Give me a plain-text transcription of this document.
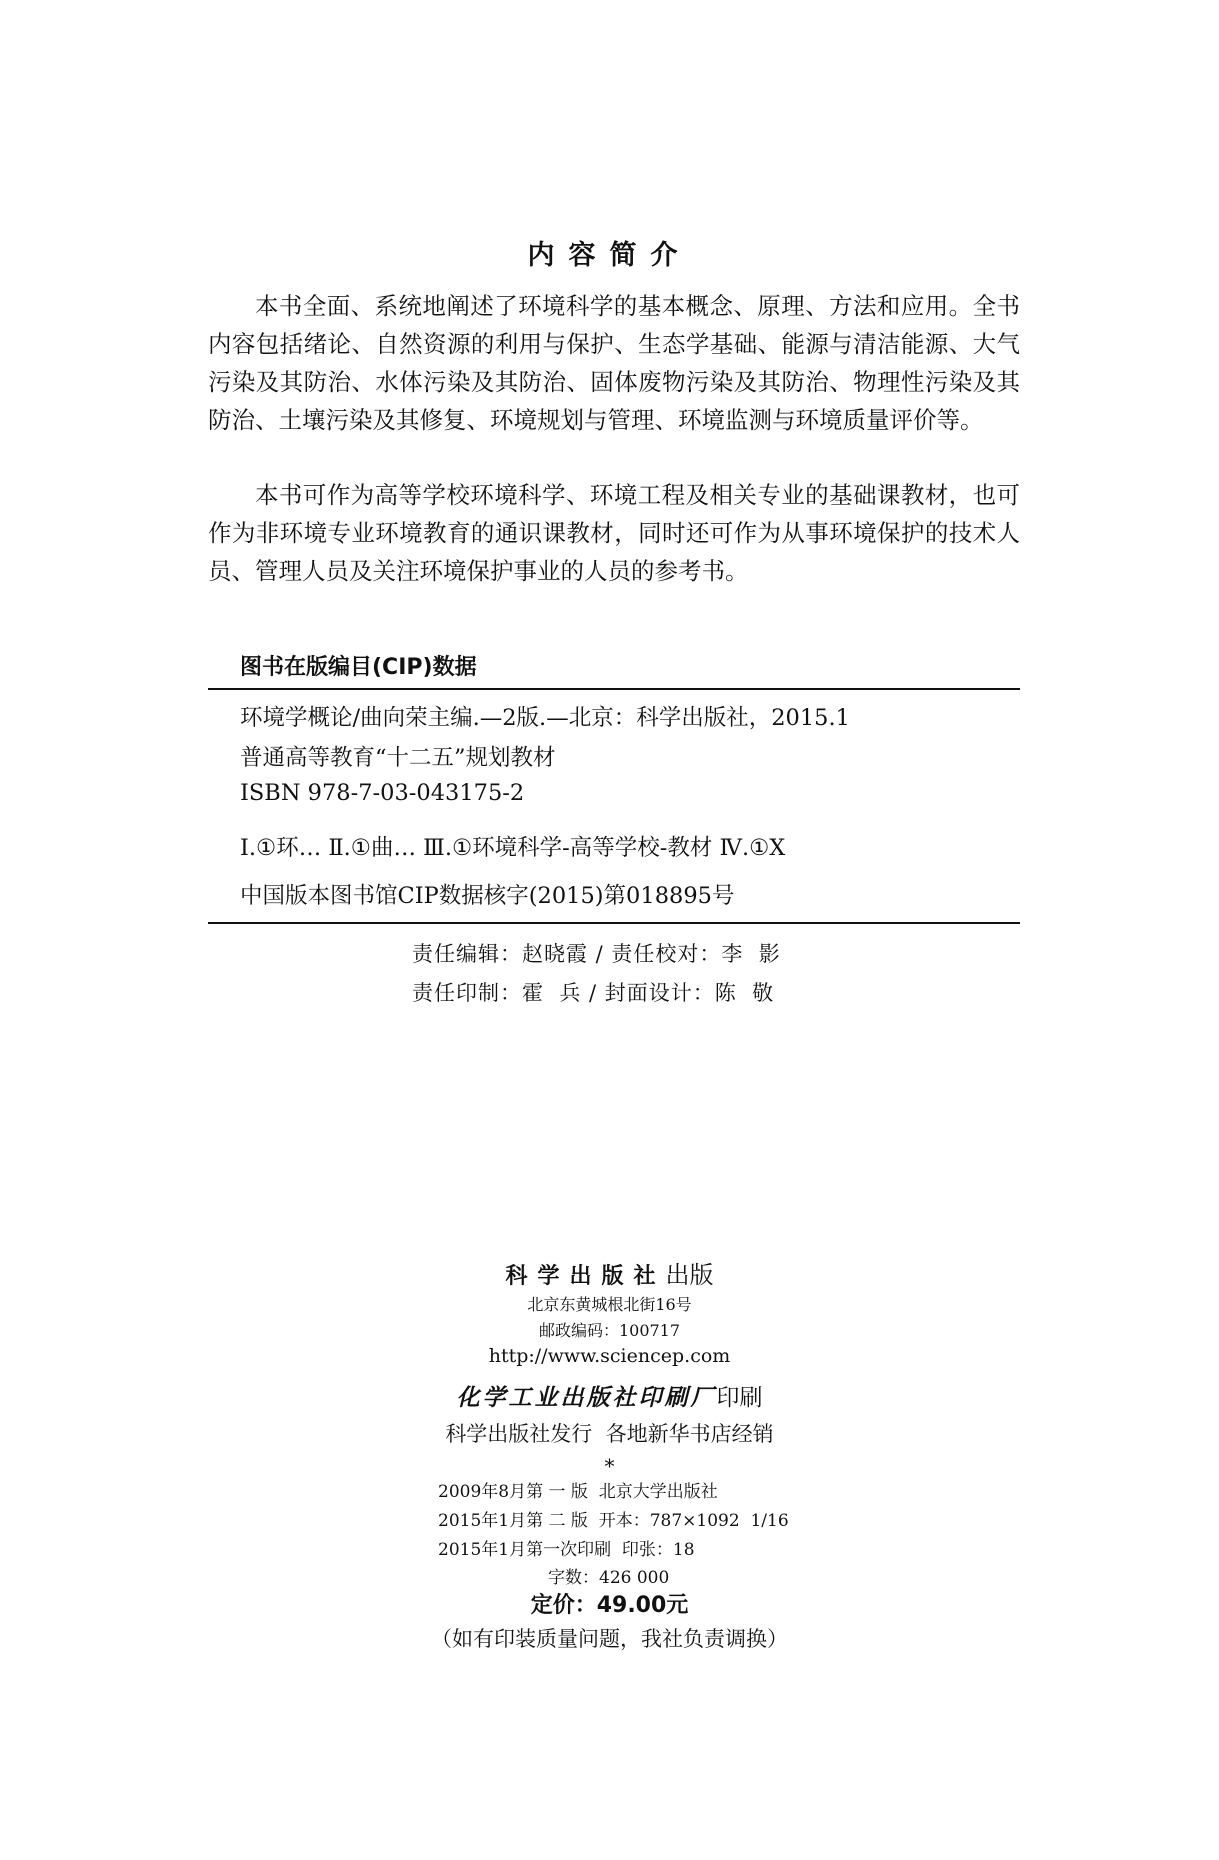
内容简介

本书全面、系统地阐述了环境科学的基本概念、原理、方法和应用。全书内容包括绪论、自然资源的利用与保护、生态学基础、能源与清洁能源、大气污染及其防治、水体污染及其防治、固体废物污染及其防治、物理性污染及其防治、土壤污染及其修复、环境规划与管理、环境监测与环境质量评价等。

本书可作为高等学校环境科学、环境工程及相关专业的基础课教材，也可作为非环境专业环境教育的通识课教材，同时还可作为从事环境保护的技术人员、管理人员及关注环境保护事业的人员的参考书。

图书在版编目(CIP)数据
环境学概论/曲向荣主编.—2版.—北京：科学出版社，2015.1
普通高等教育“十二五”规划教材
ISBN 978-7-03-043175-2
Ⅰ.①环… Ⅱ.①曲… Ⅲ.①环境科学-高等学校-教材 Ⅳ.①X
中国版本图书馆CIP数据核字(2015)第018895号
责任编辑：赵晓霞 / 责任校对：李  影
责任印制：霍  兵 / 封面设计：陈  敬
科学出版社出版
北京东黄城根北街16号
邮政编码：100717
http://www.sciencep.com
化学工业出版社印刷厂印刷
科学出版社发行  各地新华书店经销
*
2009年8月第 一 版  北京大学出版社
2015年1月第 二 版  开本：787×1092  1/16
2015年1月第一次印刷  印张：18
字数：426 000
定价：49.00元
（如有印装质量问题，我社负责调换）
